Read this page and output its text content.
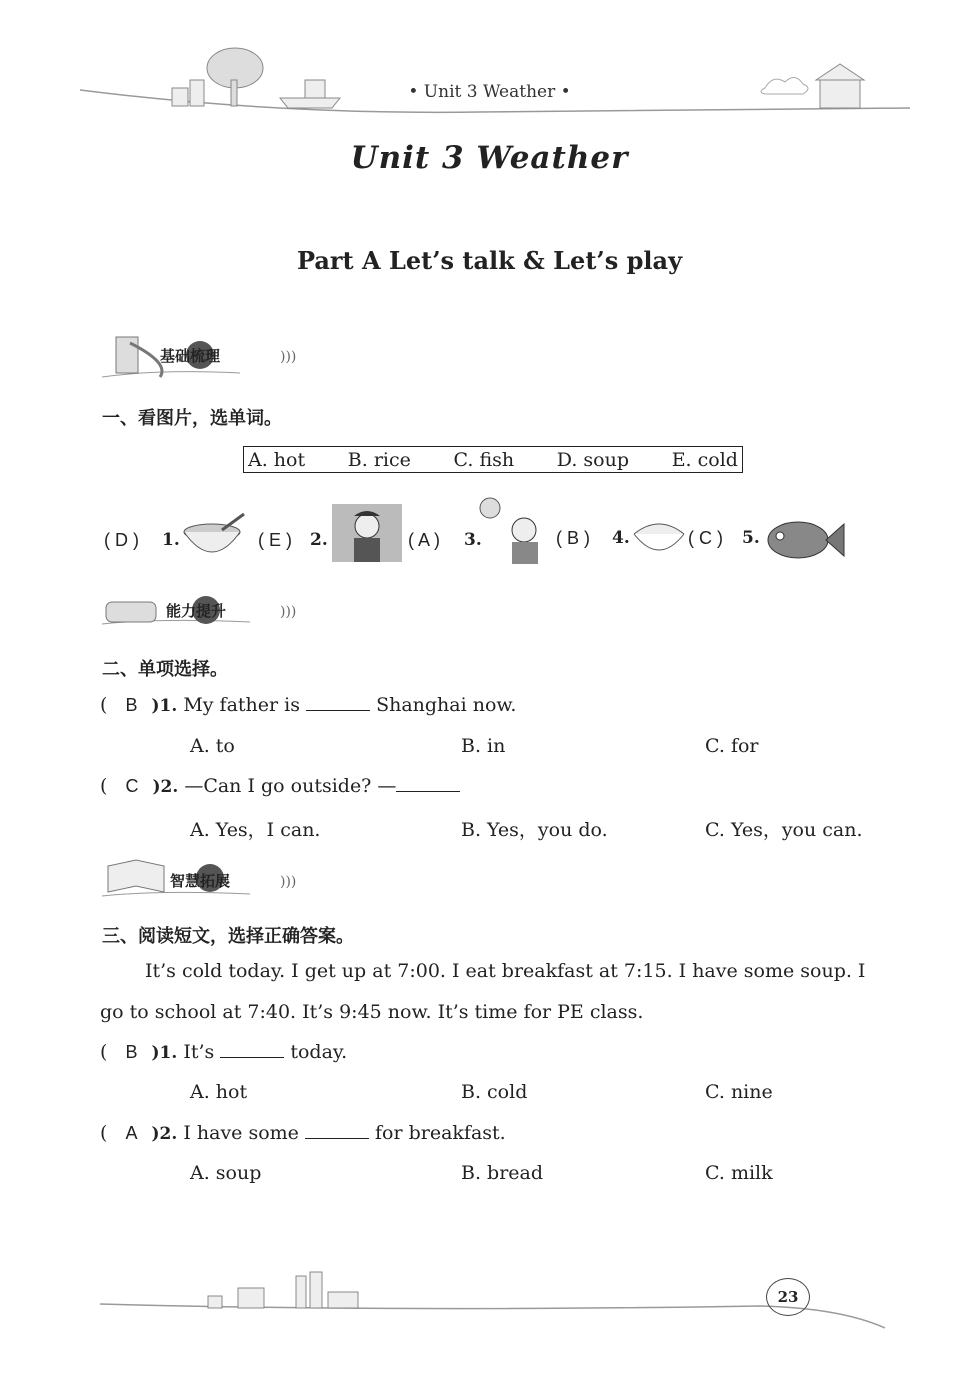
• Unit 3 Weather •
Unit 3 Weather
Part A Let’s talk & Let’s play
)))
基础梳理
一、看图片，选单词。
A. hot B. rice C. fish D. soup E. cold
( D ) 1.	( E ) 2.	( A ) 3.	( B ) 4.	( C ) 5.
)))
能力提升
二、单项选择。
( B )1. My father is	Shanghai now.
A. to	B. in	C. for
( C )2. —Can I go outside? —
A. Yes，I can.	B. Yes，you do.	C. Yes，you can.
)))
智慧拓展
三、阅读短文，选择正确答案。
It’s cold today. I get up at 7:00. I eat breakfast at 7:15. I have some soup. I
go to school at 7:40. It’s 9:45 now. It’s time for PE class.
( B )1. It’s	today.
A. hot	B. cold	C. nine
( A )2. I have some	for breakfast.
A. soup	B. bread	C. milk
23
